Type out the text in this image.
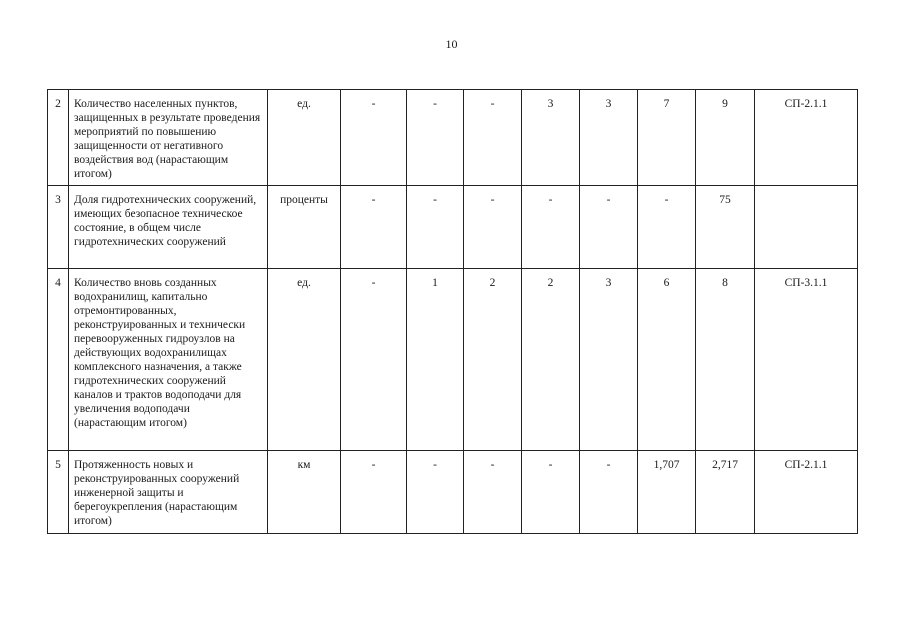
10
2	Количество населенных пунктов, защищенных в результате проведения мероприятий по повышению защищенности от негативного воздействия вод (нарастающим итогом)	ед.	-	-	-	3	3	7	9	СП-2.1.1
3	Доля гидротехнических сооружений, имеющих безопасное техническое состояние, в общем числе гидротехнических сооружений	проценты	-	-	-	-	-	-	75	
4	Количество вновь созданных водохранилищ, капитально отремонтированных, реконструированных и технически перевооруженных гидроузлов на действующих водохранилищах комплексного назначения, а также гидротехнических сооружений каналов и трактов водоподачи для увеличения водоподачи (нарастающим итогом)	ед.	-	1	2	2	3	6	8	СП-3.1.1
5	Протяженность новых и реконструированных сооружений инженерной защиты и берегоукрепления (нарастающим итогом)	км	-	-	-	-	-	1,707	2,717	СП-2.1.1
